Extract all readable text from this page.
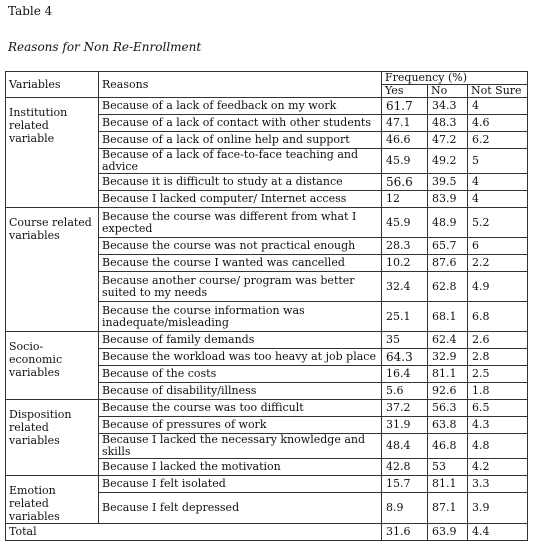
Table 4

Reasons for Non Re-Enrollment

Variables	Reasons	Frequency (%)		
		Yes	No	Not Sure
Institution related variable	Because of a lack of feedback on my work	61.7	34.3	4
	Because of a lack of contact with other students	47.1	48.3	4.6
	Because of a lack of online help and support	46.6	47.2	6.2
	Because of a lack of face-to-face teaching and advice	45.9	49.2	5
	Because it is difficult to study at a distance	56.6	39.5	4
	Because I lacked computer/ Internet access	12	83.9	4
Course related variables	Because the course was different from what I expected	45.9	48.9	5.2
	Because the course was not practical enough	28.3	65.7	6
	Because the course I wanted was cancelled	10.2	87.6	2.2
	Because another course/ program was better suited to my needs	32.4	62.8	4.9
	Because the course information was inadequate/misleading	25.1	68.1	6.8
Socio-economic variables	Because of family demands	35	62.4	2.6
	Because the workload was too heavy at job place	64.3	32.9	2.8
	Because of the costs	16.4	81.1	2.5
	Because of disability/illness	5.6	92.6	1.8
Disposition related variables	Because the course was too difficult	37.2	56.3	6.5
	Because of pressures of work	31.9	63.8	4.3
	Because I lacked the necessary knowledge and skills	48.4	46.8	4.8
	Because I lacked the motivation	42.8	53	4.2
Emotion related variables	Because I felt isolated	15.7	81.1	3.3
	Because I felt depressed	8.9	87.1	3.9
Total		31.6	63.9	4.4
